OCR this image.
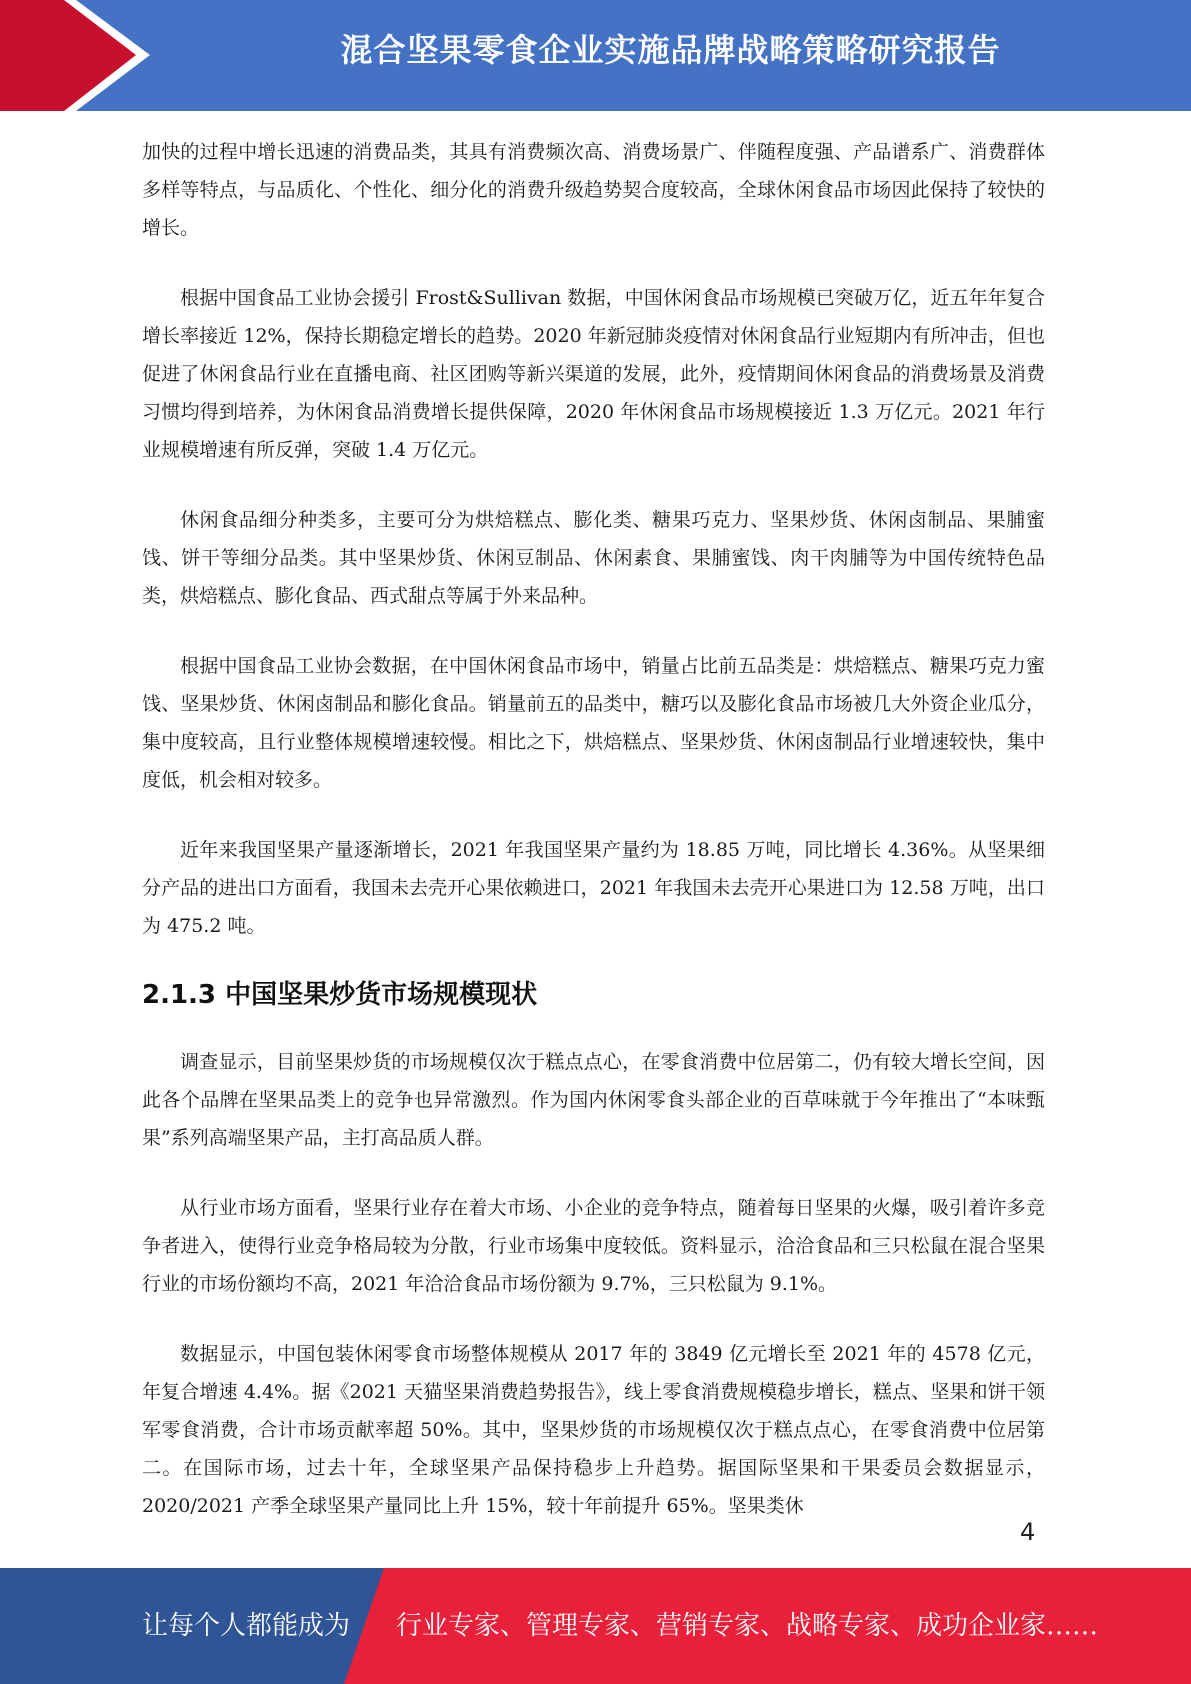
混合坚果零食企业实施品牌战略策略研究报告

加快的过程中增长迅速的消费品类，其具有消费频次高、消费场景广、伴随程度强、产品谱系广、消费群体多样等特点，与品质化、个性化、细分化的消费升级趋势契合度较高，全球休闲食品市场因此保持了较快的增长。

根据中国食品工业协会援引 Frost&Sullivan 数据，中国休闲食品市场规模已突破万亿，近五年年复合增长率接近 12%，保持长期稳定增长的趋势。2020 年新冠肺炎疫情对休闲食品行业短期内有所冲击，但也促进了休闲食品行业在直播电商、社区团购等新兴渠道的发展，此外，疫情期间休闲食品的消费场景及消费习惯均得到培养，为休闲食品消费增长提供保障，2020 年休闲食品市场规模接近 1.3 万亿元。2021 年行业规模增速有所反弹，突破 1.4 万亿元。

休闲食品细分种类多，主要可分为烘焙糕点、膨化类、糖果巧克力、坚果炒货、休闲卤制品、果脯蜜饯、饼干等细分品类。其中坚果炒货、休闲豆制品、休闲素食、果脯蜜饯、肉干肉脯等为中国传统特色品类，烘焙糕点、膨化食品、西式甜点等属于外来品种。

根据中国食品工业协会数据，在中国休闲食品市场中，销量占比前五品类是：烘焙糕点、糖果巧克力蜜饯、坚果炒货、休闲卤制品和膨化食品。销量前五的品类中，糖巧以及膨化食品市场被几大外资企业瓜分，集中度较高，且行业整体规模增速较慢。相比之下，烘焙糕点、坚果炒货、休闲卤制品行业增速较快，集中度低，机会相对较多。

近年来我国坚果产量逐渐增长，2021 年我国坚果产量约为 18.85 万吨，同比增长 4.36%。从坚果细分产品的进出口方面看，我国未去壳开心果依赖进口，2021 年我国未去壳开心果进口为 12.58 万吨，出口为 475.2 吨。

2.1.3 中国坚果炒货市场规模现状

调查显示，目前坚果炒货的市场规模仅次于糕点点心，在零食消费中位居第二，仍有较大增长空间，因此各个品牌在坚果品类上的竞争也异常激烈。作为国内休闲零食头部企业的百草味就于今年推出了“本味甄果”系列高端坚果产品，主打高品质人群。

从行业市场方面看，坚果行业存在着大市场、小企业的竞争特点，随着每日坚果的火爆，吸引着许多竞争者进入，使得行业竞争格局较为分散，行业市场集中度较低。资料显示，洽洽食品和三只松鼠在混合坚果行业的市场份额均不高，2021 年洽洽食品市场份额为 9.7%，三只松鼠为 9.1%。

数据显示，中国包装休闲零食市场整体规模从 2017 年的 3849 亿元增长至 2021 年的 4578 亿元，年复合增速 4.4%。据《2021 天猫坚果消费趋势报告》，线上零食消费规模稳步增长，糕点、坚果和饼干领军零食消费，合计市场贡献率超 50%。其中，坚果炒货的市场规模仅次于糕点点心，在零食消费中位居第二。在国际市场，过去十年，全球坚果产品保持稳步上升趋势。据国际坚果和干果委员会数据显示，2020/2021 产季全球坚果产量同比上升 15%，较十年前提升 65%。坚果类休

4
让每个人都能成为 行业专家、管理专家、营销专家、战略专家、成功企业家……
